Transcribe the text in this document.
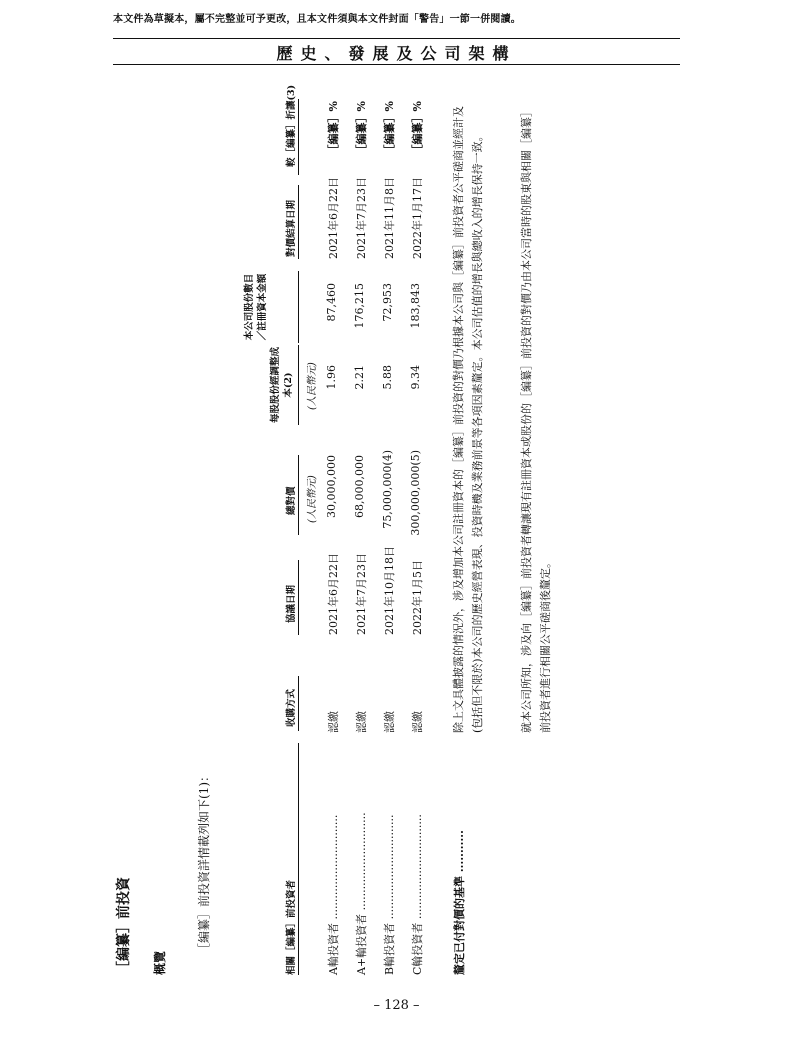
本文件為草擬本，屬不完整並可予更改，且本文件須與本文件封面「警告」一節一併閱讀。
歷史、發展及公司架構
［編纂］前投資 概覽
［編纂］前投資詳情載列如下(1)：	相關［編纂］前投資者
收購方式
協議日期
總對價
每股股份經調整成本(2)
本公司股份數目／註冊資本金額
對價結算日期
較［編纂］折讓(3)
(人民幣元)
(人民幣元)
A輪投資者 ..............................
認繳
2021年6月22日
30,000,000
1.96
87,460
2021年6月22日
［編纂］%
A+輪投資者 ............................
認繳
2021年7月23日
68,000,000
2.21
176,215
2021年7月23日
［編纂］%
B輪投資者 ..............................
認繳
2021年10月18日
75,000,000(4)
5.88
72,953
2021年11月8日
［編纂］%
C輪投資者 ..............................
認繳
2022年1月5日
300,000,000(5)
9.34
183,843
2022年1月17日
［編纂］%
釐定已付對價的基準 ...........
除上文具體披露的情況外，涉及增加本公司註冊資本的［編纂］前投資的對價乃根據本公司與［編纂］前投資者公平磋商並經計及(包括但不限於)本公司的歷史經營表現、投資時機及業務前景等各項因素釐定。本公司估值的增長與總收入的增長保持一致。	就本公司所知，涉及向［編纂］前投資者轉讓現有註冊資本或股份的［編纂］前投資的對價乃由本公司當時的股東與相關［編纂］前投資者進行相關公平磋商後釐定。
– 128 –
